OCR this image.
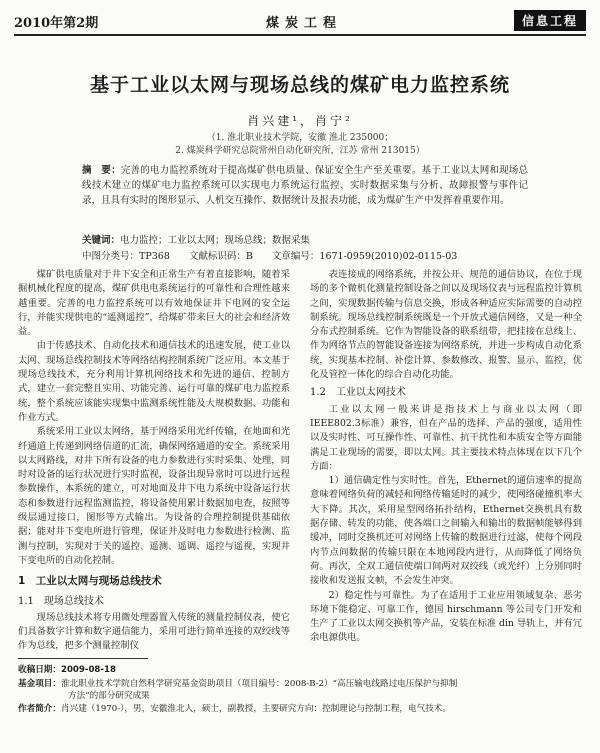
2010年第2期	煤炭工程	信息工程
基于工业以太网与现场总线的煤矿电力监控系统
肖兴建¹，肖宁²
（1. 淮北职业技术学院，安徽 淮北 235000；
2. 煤炭科学研究总院常州自动化研究所，江苏 常州 213015）
摘　要：完善的电力监控系统对于提高煤矿供电质量、保证安全生产至关重要。基于工业以太网和现场总线技术建立的煤矿电力监控系统可以实现电力系统运行监控、实时数据采集与分析、故障报警与事件记录，且具有实时的图形显示、人机交互操作、数据统计及报表功能，成为煤矿生产中发挥着重要作用。
关键词：电力监控；工业以太网；现场总线；数据采集
中图分类号：TP368 文献标识码：B 文章编号：1671-0959(2010)02-0115-03

煤矿供电质量对于井下安全和正常生产有着直接影响，随着采掘机械化程度的提高，煤矿供电电系统运行的可靠性和合理性越来越重要。完善的电力监控系统可以有效地保证井下电网的安全运行，并能实现供电的“遥测遥控”，给煤矿带来巨大的社会和经济效益。

由于传感技术、自动化技术和通信技术的迅速发展，使工业以太网、现场总线控制技术等网络结构控制系统广泛应用。本文基于现场总线技术，充分利用计算机网络技术和先进的通信、控制方式，建立一套完整且实用、功能完善、运行可靠的煤矿电力监控系统，整个系统应该能实现集中监测系统性能及大规模数据、功能和作业方式。

系统采用工业以太网络，基于网络采用光纤传输，在地面和光纤通道上传递到网络信道的汇流，确保网络通道的安全。系统采用以太网路线，对井下所有设备的电力参数进行实时采集、处理，同时对设备的运行状况进行实时监视，设备出现异常时可以进行远程参数操作，本系统的建立，可对地面及井下电力系统中设备运行状态和参数进行远程监测监控，将设备使用累计数据加电查，按照等级层通过接口，图形等方式输出。为设备的合理控制提供基础依据；能对井下变电所进行管理，保证并及时电力参数进行检测、监测与控制，实现对于关的遥控、遥测、遥调、遥控与遥视，实现井下变电所的自动化控制。

1　工业以太网与现场总线技术
1.1　现场总线技术

现场总线技术将专用微处理器置入传统的测量控制仪表，使它们具备数字计算和数字通信能力，采用可进行简单连接的双绞线等作为总线，把多个测量控制仪

表连接成的网络系统，并按公开、规范的通信协议，在位于现场的多个微机化测量控制设备之间以及现场仪表与远程监控计算机之间，实现数据传输与信息交换，形成各种适应实际需要的自动控制系统。现场总线控制系统既是一个开放式通信网络，又是一种全分布式控制系统。它作为智能设备的联系纽带，把挂接在总线上、作为网络节点的智能设备连接为网络系统，并进一步构成自动化系统，实现基本控制、补偿计算、参数修改、报警、显示、监控，优化及管控一体化的综合自动化功能。

1.2　工业以太网技术

工业以太网一般来讲是指技术上与商业以太网（即IEEE802.3标准）兼容，但在产品的选择、产品的强度，适用性以及实时性、可互操作性、可靠性、抗干扰性和本质安全等方面能满足工业现场的需要，即以太网。其主要技术特点体现在以下几个方面：

1）通信确定性与实时性。首先，Ethernet的通信速率的提高意味着网络负荷的减轻和网络传输延时的减少，使网络碰撞机率大大下降。其次，采用星型网络拓扑结构，Ethernet交换机具有数据存储、转发的功能，使各端口之间输入和输出的数据帧能够得到缓冲，同时交换机还可对网络上传输的数据进行过滤，使每个网段内节点间数据的传输只限在本地网段内进行，从而降低了网络负荷。再次，全双工通信使端口间两对双绞线（或光纤）上分别同时接收和发送报文帧，不会发生冲突。

2）稳定性与可靠性。为了在适用于工业应用领域复杂、恶劣环境下能稳定、可靠工作，德国 hirschmann 等公司专门开发和生产了工业以太网交换机等产品，安装在标准 din 导轨上，并有冗余电源供电。

收稿日期：2009-08-18
基金项目：淮北职业技术学院自然科学研究基金资助项目（项目编号：2008-B-2）“高压输电线路过电压保护与抑制
方法”的部分研究成果
作者简介：肖兴建（1970-），男，安徽淮北人，硕士，副教授，主要研究方向：控制理论与控制工程，电气技术。
